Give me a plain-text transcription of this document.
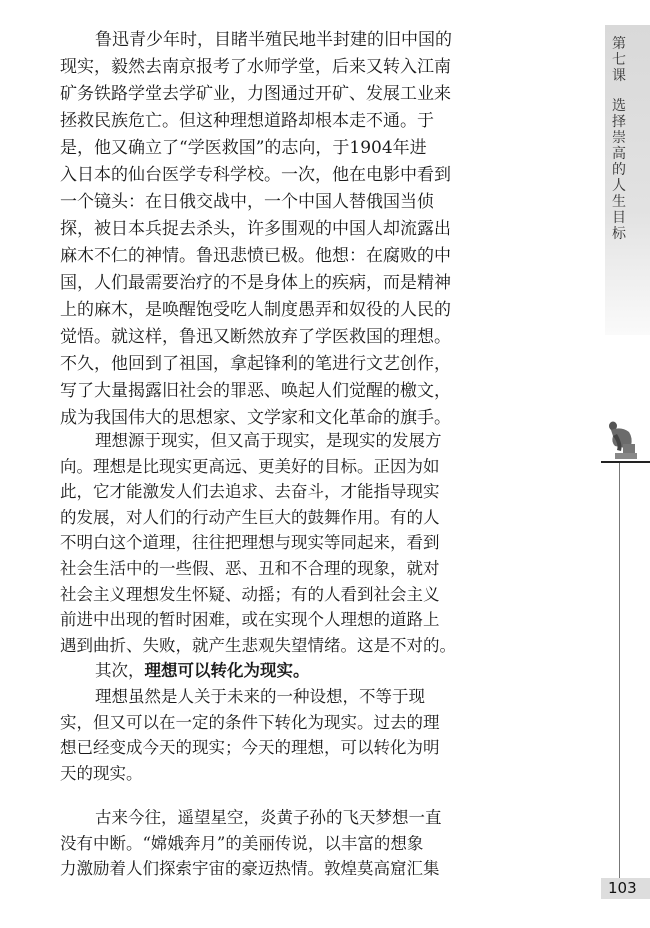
第七课
选择崇高的人生目标
103
鲁迅青少年时，目睹半殖民地半封建的旧中国的
现实，毅然去南京报考了水师学堂，后来又转入江南
矿务铁路学堂去学矿业，力图通过开矿、发展工业来
拯救民族危亡。但这种理想道路却根本走不通。于
是，他又确立了“学医救国”的志向，于1904年进
入日本的仙台医学专科学校。一次，他在电影中看到
一个镜头：在日俄交战中，一个中国人替俄国当侦
探，被日本兵捉去杀头，许多围观的中国人却流露出
麻木不仁的神情。鲁迅悲愤已极。他想：在腐败的中
国，人们最需要治疗的不是身体上的疾病，而是精神
上的麻木，是唤醒饱受吃人制度愚弄和奴役的人民的
觉悟。就这样，鲁迅又断然放弃了学医救国的理想。
不久，他回到了祖国，拿起锋利的笔进行文艺创作，
写了大量揭露旧社会的罪恶、唤起人们觉醒的檄文，
成为我国伟大的思想家、文学家和文化革命的旗手。
理想源于现实，但又高于现实，是现实的发展方
向。理想是比现实更高远、更美好的目标。正因为如
此，它才能激发人们去追求、去奋斗，才能指导现实
的发展，对人们的行动产生巨大的鼓舞作用。有的人
不明白这个道理，往往把理想与现实等同起来，看到
社会生活中的一些假、恶、丑和不合理的现象，就对
社会主义理想发生怀疑、动摇；有的人看到社会主义
前进中出现的暂时困难，或在实现个人理想的道路上
遇到曲折、失败，就产生悲观失望情绪。这是不对的。
其次，理想可以转化为现实。
理想虽然是人关于未来的一种设想，不等于现
实，但又可以在一定的条件下转化为现实。过去的理
想已经变成今天的现实；今天的理想，可以转化为明
天的现实。
古来今往，遥望星空，炎黄子孙的飞天梦想一直
没有中断。“嫦娥奔月”的美丽传说，以丰富的想象
力激励着人们探索宇宙的豪迈热情。敦煌莫高窟汇集
